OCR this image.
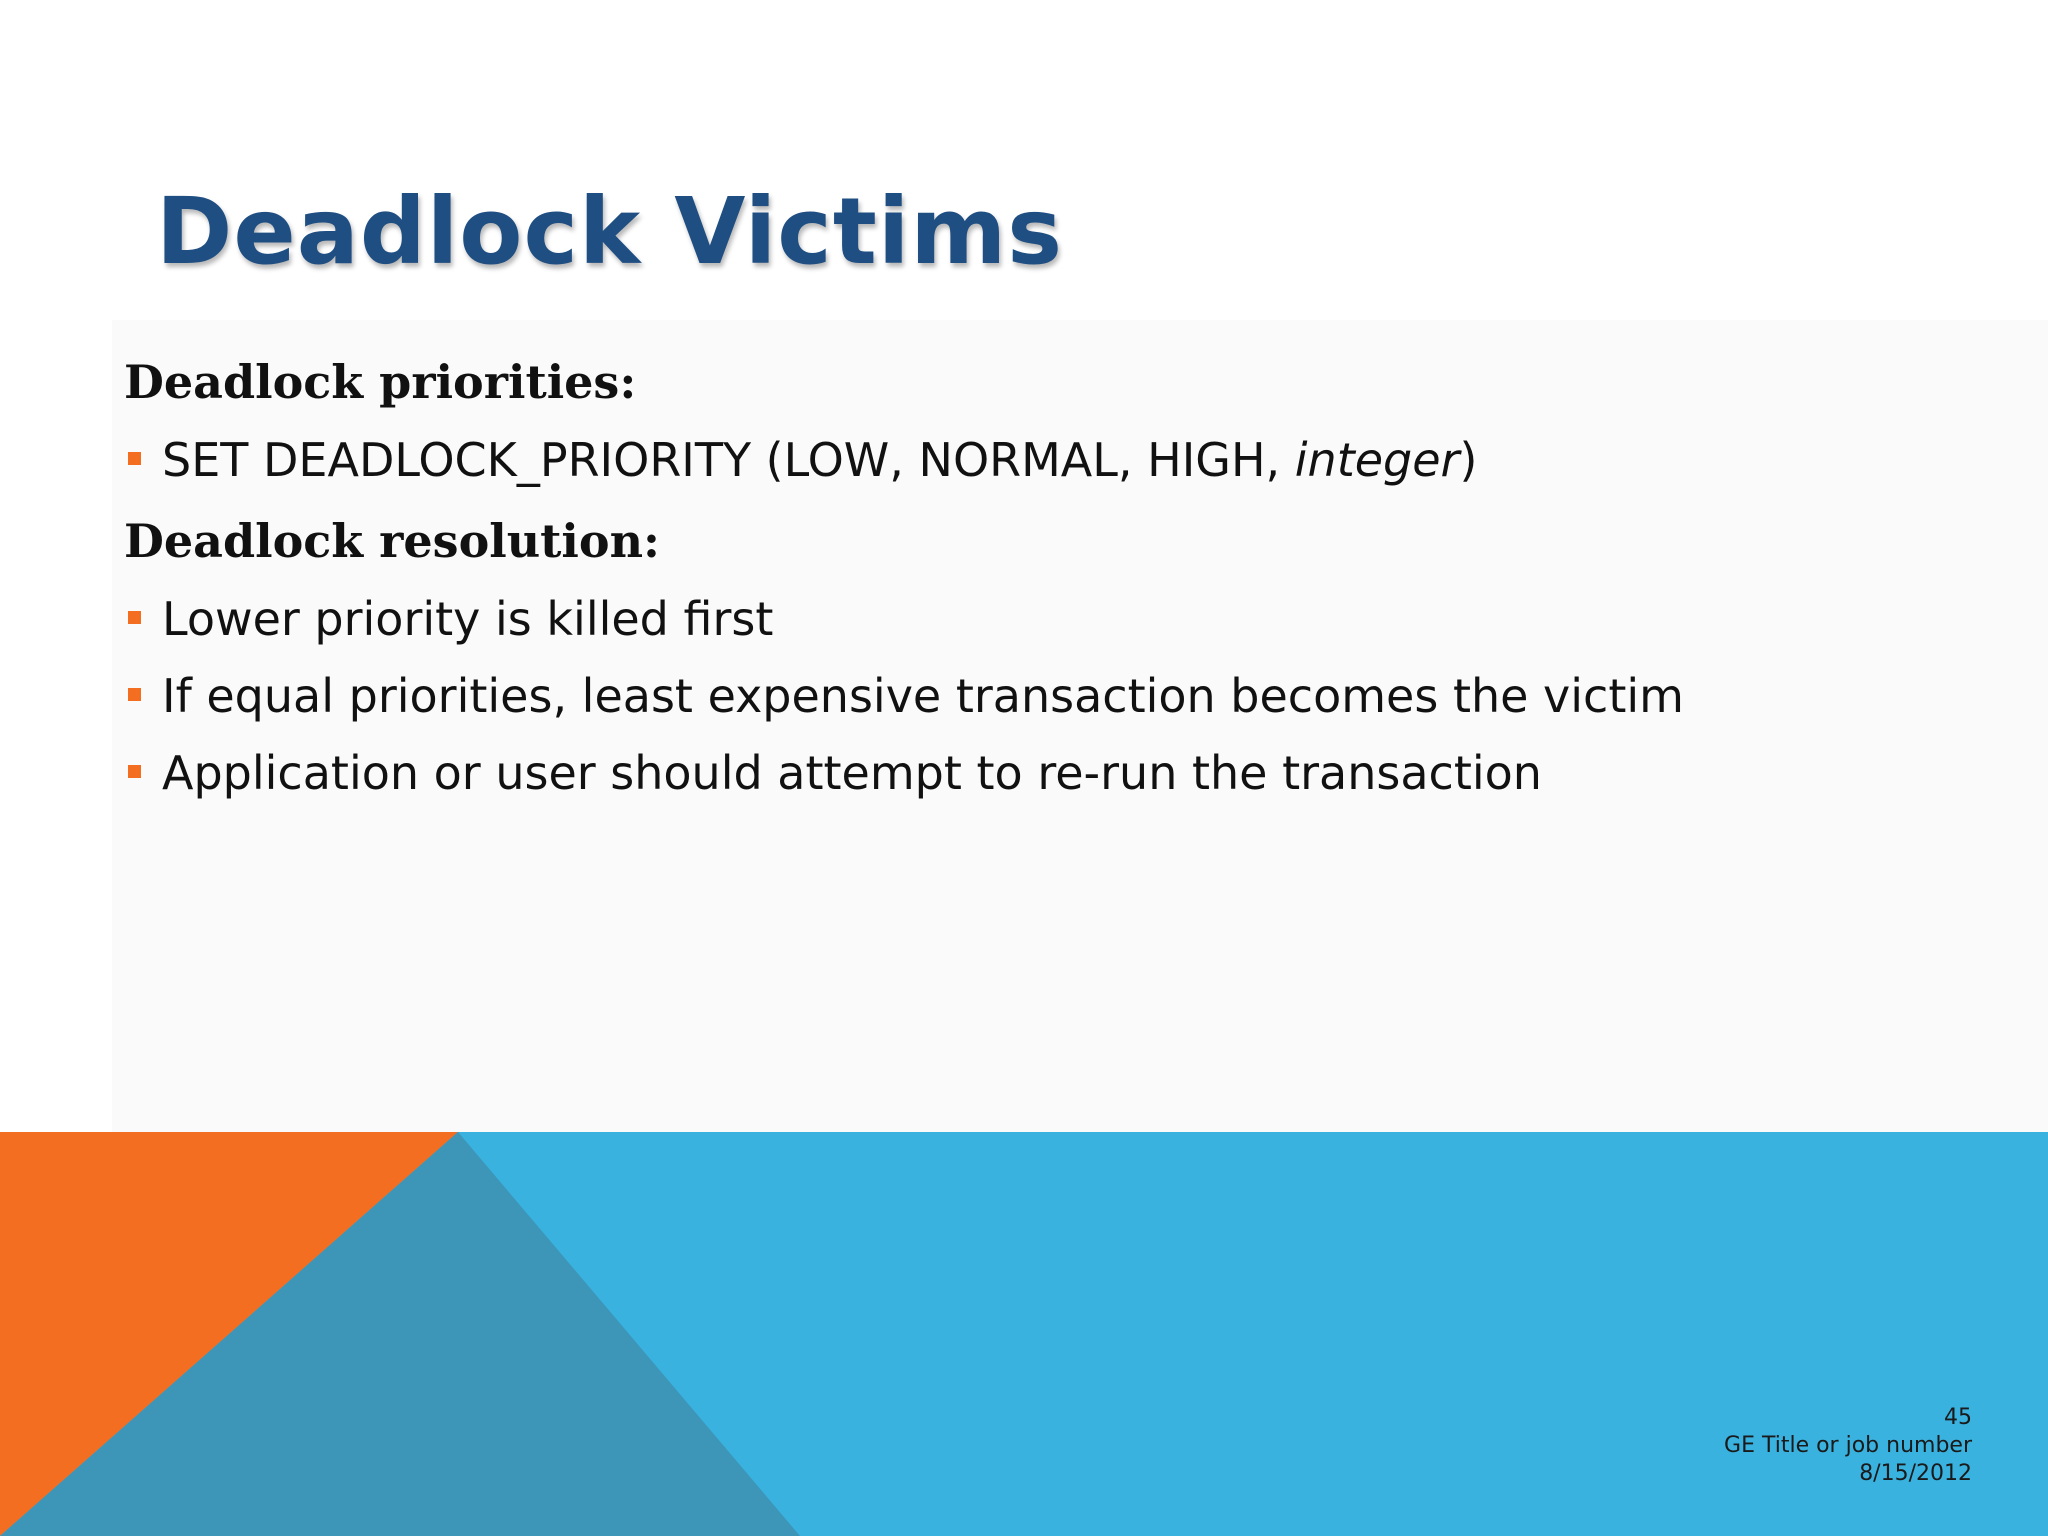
Deadlock Victims
Deadlock priorities:
SET DEADLOCK_PRIORITY (LOW, NORMAL, HIGH, integer)
Deadlock resolution:
Lower priority is killed first
If equal priorities, least expensive transaction becomes the victim
Application or user should attempt to re-run the transaction
45
GE Title or job number
8/15/2012
